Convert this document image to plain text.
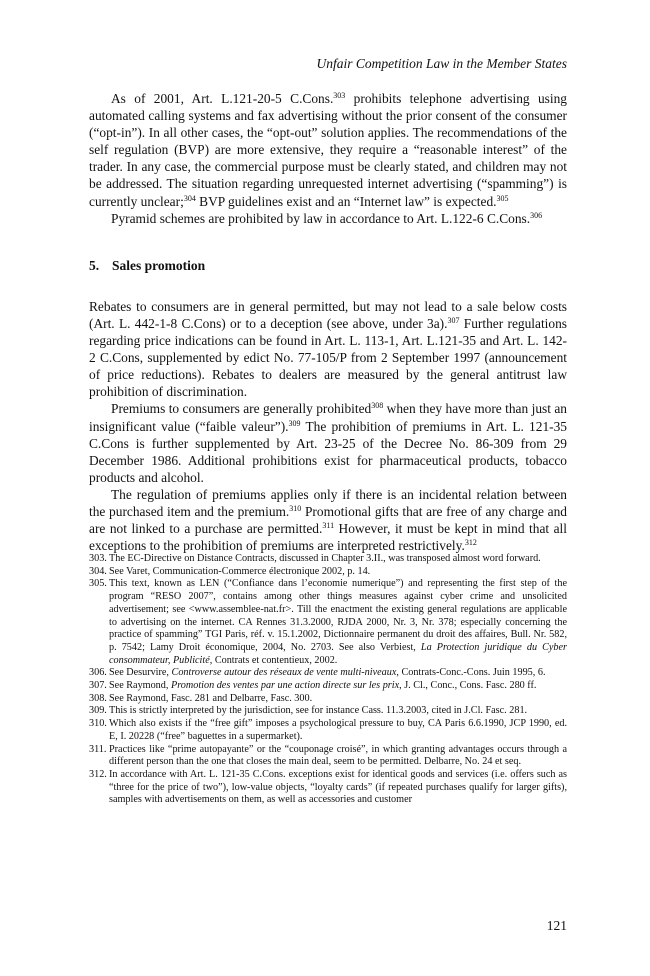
Unfair Competition Law in the Member States

As of 2001, Art. L.121-20-5 C.Cons.$^{303}$ prohibits telephone advertising using automated calling systems and fax advertising without the prior consent of the consumer (“opt-in”). In all other cases, the “opt-out” solution applies. The recommendations of the self regulation (BVP) are more extensive, they require a “reasonable interest” of the trader. In any case, the commercial purpose must be clearly stated, and children may not be addressed. The situation regarding unrequested internet advertising (“spamming”) is currently unclear;$^{304}$ BVP guidelines exist and an “Internet law” is expected.$^{305}$

Pyramid schemes are prohibited by law in accordance to Art. L.122-6 C.Cons.$^{306}$

5. Sales promotion

Rebates to consumers are in general permitted, but may not lead to a sale below costs (Art. L. 442-1-8 C.Cons) or to a deception (see above, under 3a).$^{307}$ Further regulations regarding price indications can be found in Art. L. 113-1, Art. L.121-35 and Art. L. 142-2 C.Cons, supplemented by edict No. 77-105/P from 2 September 1997 (announcement of price reductions). Rebates to dealers are measured by the general antitrust law prohibition of discrimination.

Premiums to consumers are generally prohibited$^{308}$ when they have more than just an insignificant value (“faible valeur”).$^{309}$ The prohibition of premiums in Art. L. 121-35 C.Cons is further supplemented by Art. 23-25 of the Decree No. 86-309 from 29 December 1986. Additional prohibitions exist for pharmaceutical products, tobacco products and alcohol.

The regulation of premiums applies only if there is an incidental relation between the purchased item and the premium.$^{310}$ Promotional gifts that are free of any charge and are not linked to a purchase are permitted.$^{311}$ However, it must be kept in mind that all exceptions to the prohibition of premiums are interpreted restrictively.$^{312}$

303. The EC-Directive on Distance Contracts, discussed in Chapter 3.II., was transposed almost word forward.
304. See Varet, Communication-Commerce électronique 2002, p. 14.
305. This text, known as LEN (“Confiance dans l’economie numerique”) and representing the first step of the program “RESO 2007”, contains among other things measures against cyber crime and unsolicited advertisement; see <www.assemblee-nat.fr>. Till the enactment the existing general regulations are applicable to advertising on the internet. CA Rennes 31.3.2000, RJDA 2000, Nr. 3, Nr. 378; especially concerning the practice of spamming” TGI Paris, réf. v. 15.1.2002, Dictionnaire permanent du droit des affaires, Bull. Nr. 582, p. 7542; Lamy Droit économique, 2004, No. 2703. See also Verbiest, La Protection juridique du Cyber consommateur, Publicité, Contrats et contentieux, 2002.
306. See Desurvire, Controverse autour des réseaux de vente multi-niveaux, Contrats-Conc.-Cons. Juin 1995, 6.
307. See Raymond, Promotion des ventes par une action directe sur les prix, J. Cl., Conc., Cons. Fasc. 280 ff.
308. See Raymond, Fasc. 281 and Delbarre, Fasc. 300.
309. This is strictly interpreted by the jurisdiction, see for instance Cass. 11.3.2003, cited in J.Cl. Fasc. 281.
310. Which also exists if the “free gift” imposes a psychological pressure to buy, CA Paris 6.6.1990, JCP 1990, ed. E, I. 20228 (“free” baguettes in a supermarket).
311. Practices like “prime autopayante” or the “couponage croisé”, in which granting advantages occurs through a different person than the one that closes the main deal, seem to be permitted. Delbarre, No. 24 et seq.
312. In accordance with Art. L. 121-35 C.Cons. exceptions exist for identical goods and services (i.e. offers such as “three for the price of two”), low-value objects, “loyalty cards” (if repeated purchases qualify for larger gifts), samples with advertisements on them, as well as accessories and customer
121
